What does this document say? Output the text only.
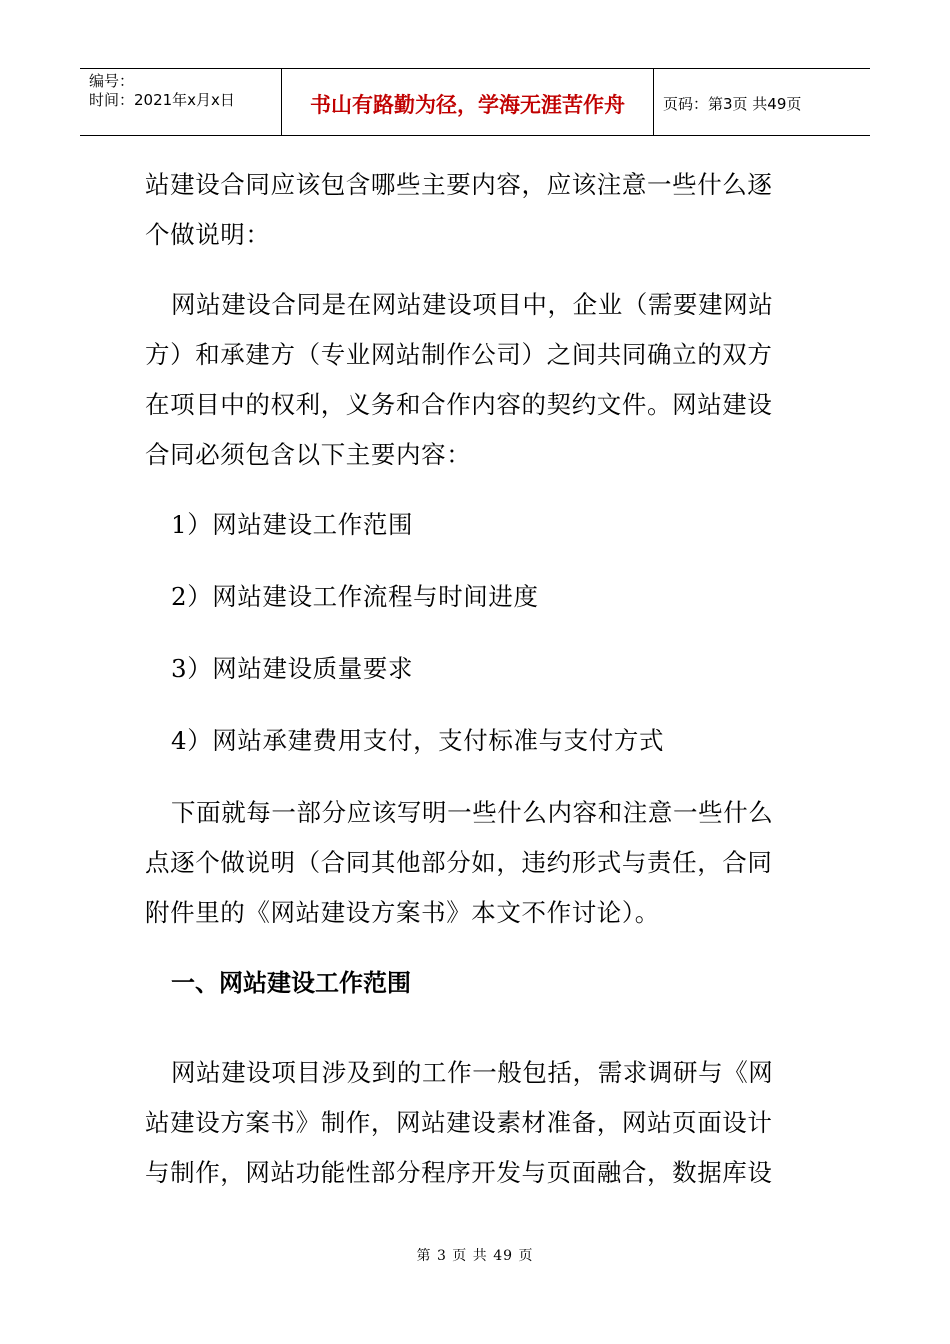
编号：
时间：2021年x月x日	书山有路勤为径，学海无涯苦作舟	页码：第3页 共49页

站建设合同应该包含哪些主要内容，应该注意一些什么逐个做说明：

网站建设合同是在网站建设项目中，企业（需要建网站方）和承建方（专业网站制作公司）之间共同确立的双方在项目中的权利，义务和合作内容的契约文件。网站建设合同必须包含以下主要内容：

1）网站建设工作范围

2）网站建设工作流程与时间进度

3）网站建设质量要求

4）网站承建费用支付，支付标准与支付方式

下面就每一部分应该写明一些什么内容和注意一些什么点逐个做说明（合同其他部分如，违约形式与责任，合同附件里的《网站建设方案书》本文不作讨论）。

一、网站建设工作范围

网站建设项目涉及到的工作一般包括，需求调研与《网站建设方案书》制作，网站建设素材准备，网站页面设计与制作，网站功能性部分程序开发与页面融合，数据库设

第 3 页 共 49 页
